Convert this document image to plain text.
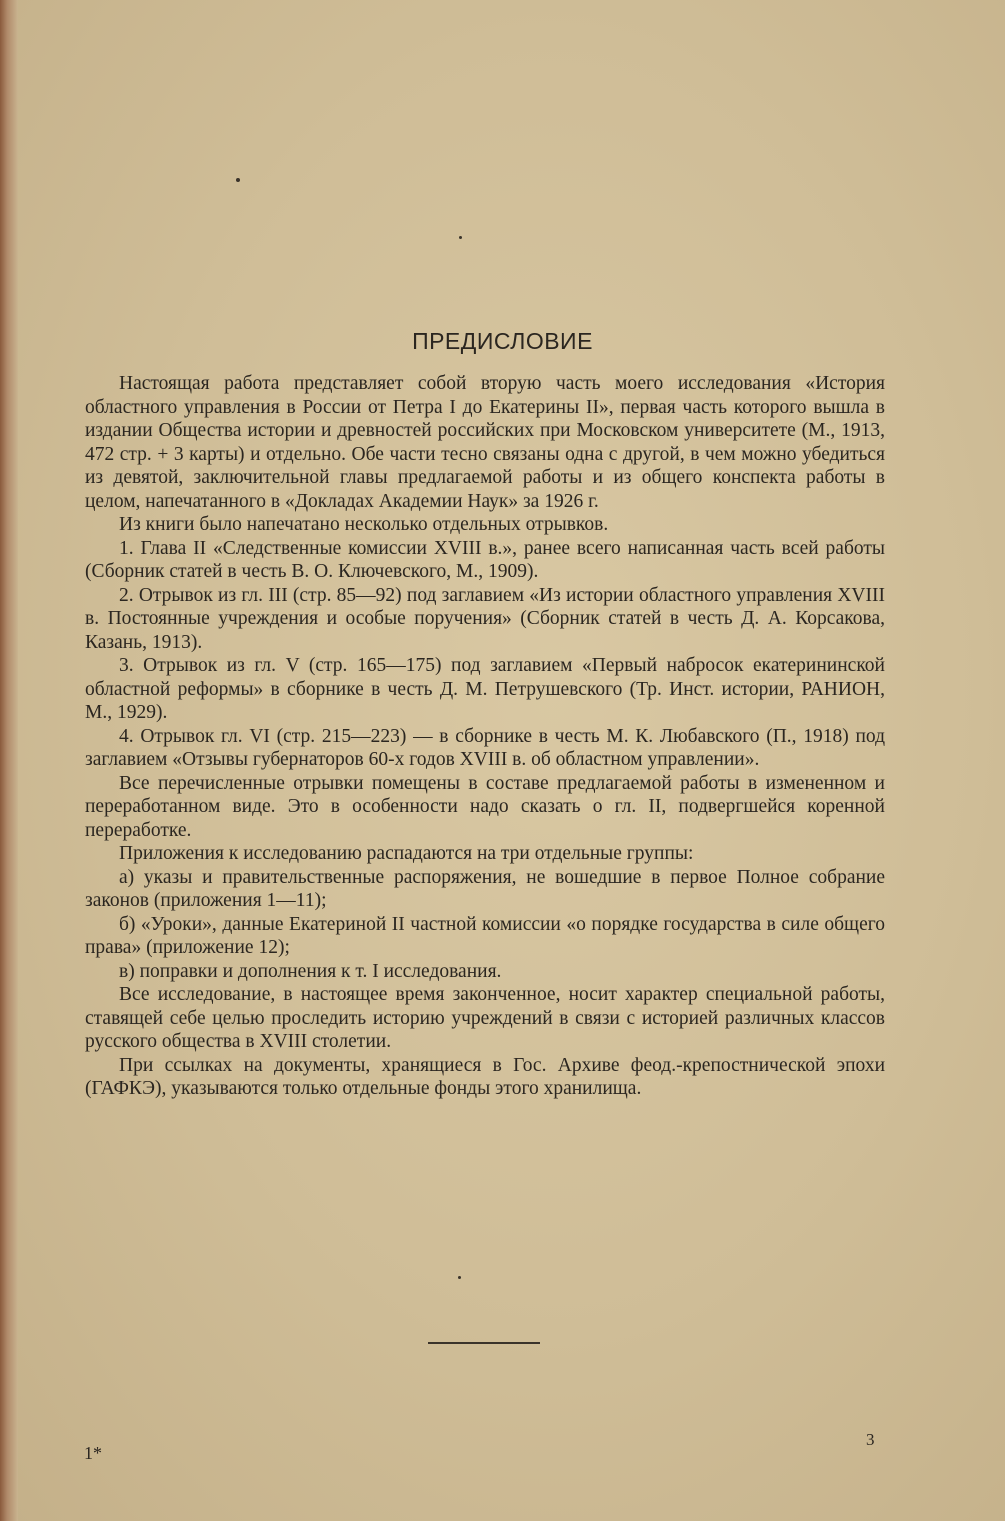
ПРЕДИСЛОВИЕ

Настоящая работа представляет собой вторую часть моего исследования «История областного управления в России от Петра I до Екатерины II», первая часть которого вышла в издании Общества истории и древностей российских при Московском университете (М., 1913, 472 стр. + 3 карты) и отдельно. Обе части тесно связаны одна с другой, в чем можно убедиться из девятой, заключительной главы предлагаемой работы и из общего конспекта работы в целом, напечатанного в «Докладах Академии Наук» за 1926 г.

Из книги было напечатано несколько отдельных отрывков.

1. Глава II «Следственные комиссии XVIII в.», ранее всего написанная часть всей работы (Сборник статей в честь В. О. Ключевского, М., 1909).

2. Отрывок из гл. III (стр. 85—92) под заглавием «Из истории областного управления XVIII в. Постоянные учреждения и особые поручения» (Сборник статей в честь Д. А. Корсакова, Казань, 1913).

3. Отрывок из гл. V (стр. 165—175) под заглавием «Первый набросок екатерининской областной реформы» в сборнике в честь Д. М. Петрушевского (Тр. Инст. истории, РАНИОН, М., 1929).

4. Отрывок гл. VI (стр. 215—223) — в сборнике в честь М. К. Любавского (П., 1918) под заглавием «Отзывы губернаторов 60-х годов XVIII в. об областном управлении».

Все перечисленные отрывки помещены в составе предлагаемой работы в измененном и переработанном виде. Это в особенности надо сказать о гл. II, подвергшейся коренной переработке.

Приложения к исследованию распадаются на три отдельные группы:

а) указы и правительственные распоряжения, не вошедшие в первое Полное собрание законов (приложения 1—11);

б) «Уроки», данные Екатериной II частной комиссии «о порядке государства в силе общего права» (приложение 12);

в) поправки и дополнения к т. I исследования.

Все исследование, в настоящее время законченное, носит характер специальной работы, ставящей себе целью проследить историю учреждений в связи с историей различных классов русского общества в XVIII столетии.

При ссылках на документы, хранящиеся в Гос. Архиве феод.-крепостнической эпохи (ГАФКЭ), указываются только отдельные фонды этого хранилища.

1*
3
